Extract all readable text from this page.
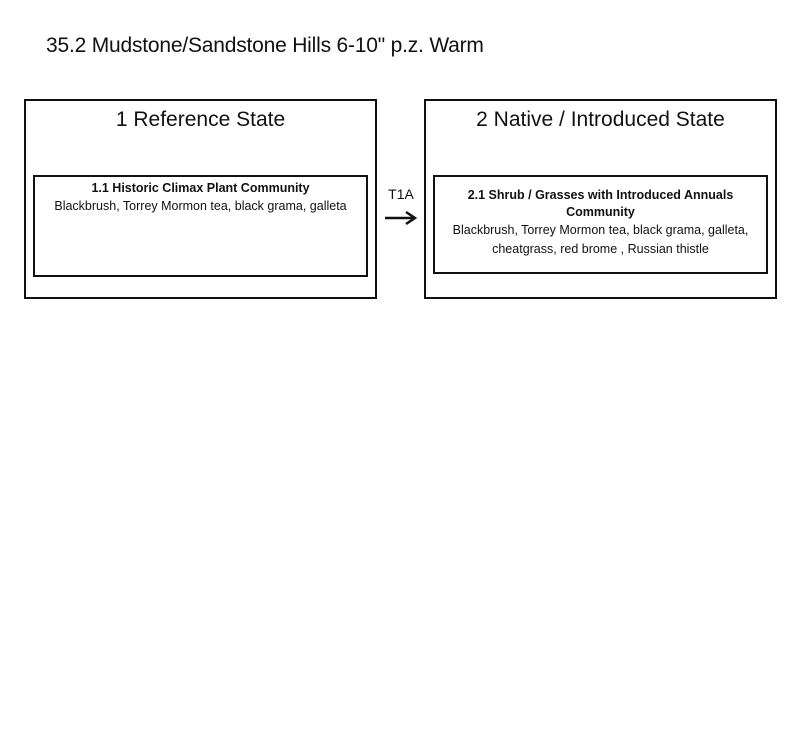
35.2 Mudstone/Sandstone Hills 6-10" p.z. Warm
1 Reference State
1.1 Historic Climax Plant Community
Blackbrush, Torrey Mormon tea, black grama, galleta
T1A
2 Native / Introduced State
2.1 Shrub / Grasses with Introduced Annuals Community
Blackbrush, Torrey Mormon tea, black grama, galleta, cheatgrass, red brome , Russian thistle
